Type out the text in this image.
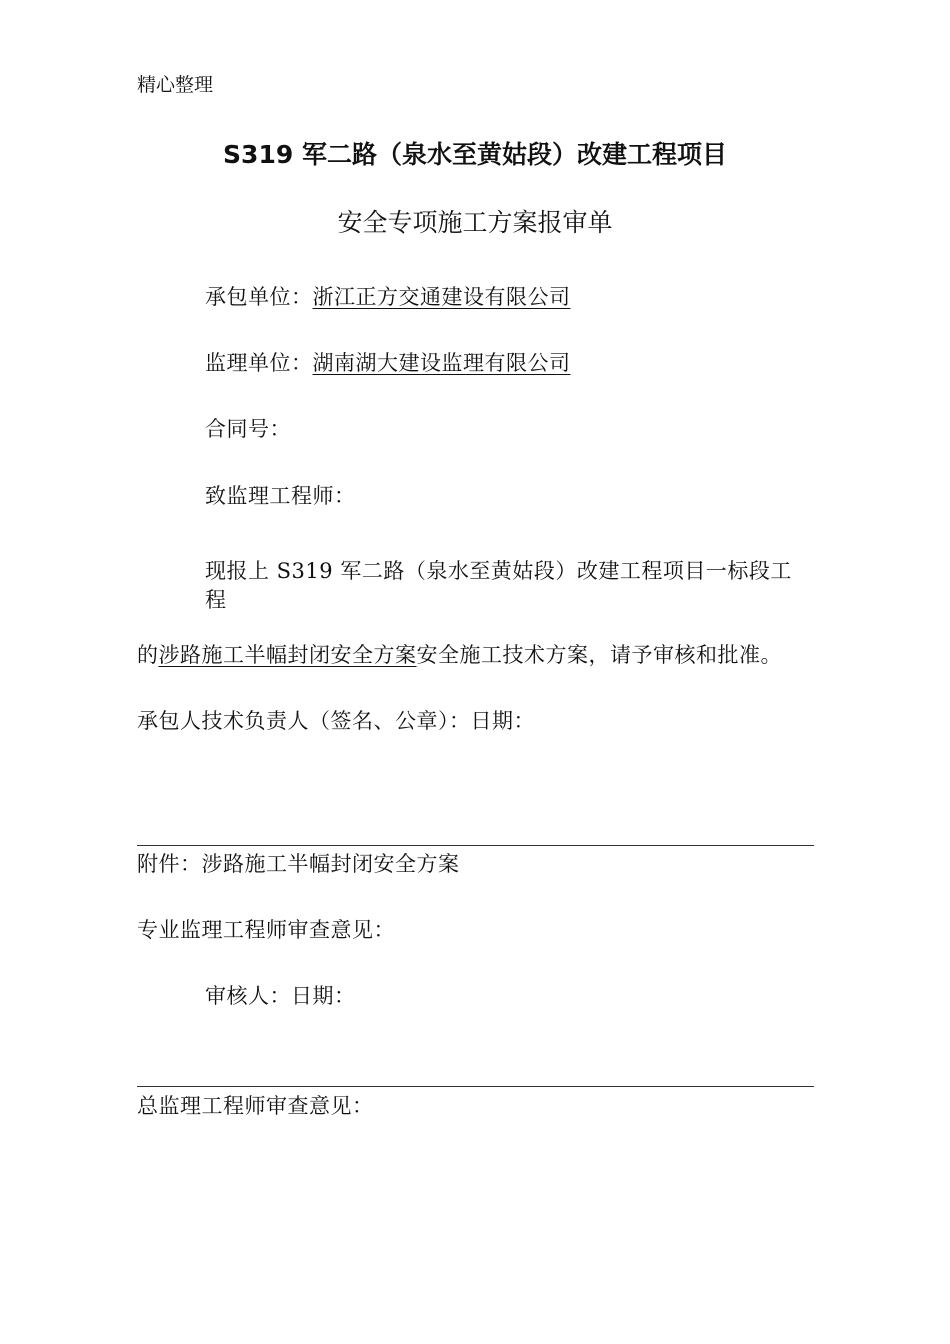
精心整理
S319 军二路（泉水至黄姑段）改建工程项目
安全专项施工方案报审单
承包单位：浙江正方交通建设有限公司
监理单位：湖南湖大建设监理有限公司
合同号：
致监理工程师：
现报上 S319 军二路（泉水至黄姑段）改建工程项目一标段工
程
的涉路施工半幅封闭安全方案安全施工技术方案，请予审核和批准。
承包人技术负责人（签名、公章）：日期：
附件：涉路施工半幅封闭安全方案
专业监理工程师审查意见：
审核人：日期：
总监理工程师审查意见：
